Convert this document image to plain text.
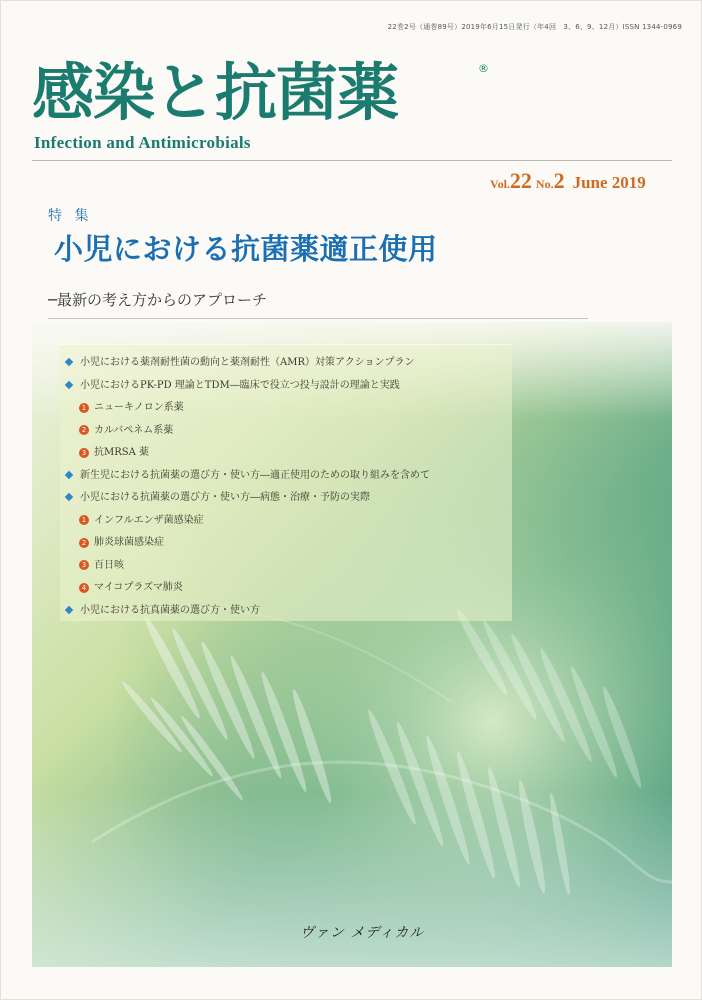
22巻2号（通巻89号）2019年6月15日発行（年4回　3、6、9、12月）ISSN 1344-0969
感染と抗菌薬	®
Infection and Antimicrobials
Vol.22 No.2 June 2019
特 集
小児における抗菌薬適正使用
─最新の考え方からのアプローチ
小児における薬剤耐性菌の動向と薬剤耐性（AMR）対策アクションプラン
小児におけるPK-PD 理論とTDM―臨床で役立つ投与設計の理論と実践
1 ニューキノロン系薬
2 カルバペネム系薬
3 抗MRSA 薬
新生児における抗菌薬の選び方・使い方―適正使用のための取り組みを含めて
小児における抗菌薬の選び方・使い方―病態・治療・予防の実際
1 インフルエンザ菌感染症
2 肺炎球菌感染症
3 百日咳
4 マイコプラズマ肺炎
小児における抗真菌薬の選び方・使い方
ヴァン メディカル
